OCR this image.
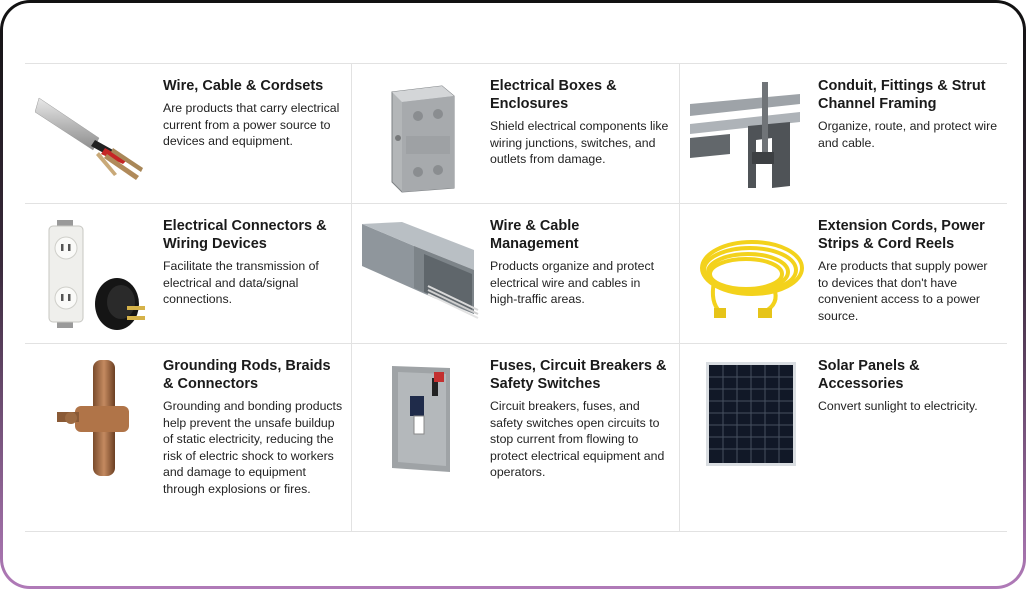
Wire, Cable & Cordsets

Are products that carry electrical current from a power source to devices and equipment.

Electrical Boxes & Enclosures

Shield electrical components like wiring junctions, switches, and outlets from damage.

Conduit, Fittings & Strut Channel Framing

Organize, route, and protect wire and cable.

Electrical Connectors & Wiring Devices

Facilitate the transmission of electrical and data/signal connections.

Wire & Cable Management

Products organize and protect electrical wire and cables in high-traffic areas.

Extension Cords, Power Strips & Cord Reels

Are products that supply power to devices that don't have convenient access to a power source.

Grounding Rods, Braids & Connectors

Grounding and bonding products help prevent the unsafe buildup of static electricity, reducing the risk of electric shock to workers and damage to equipment through explosions or fires.

Fuses, Circuit Breakers & Safety Switches

Circuit breakers, fuses, and safety switches open circuits to stop current from flowing to protect electrical equipment and operators.

Solar Panels & Accessories

Convert sunlight to electricity.
